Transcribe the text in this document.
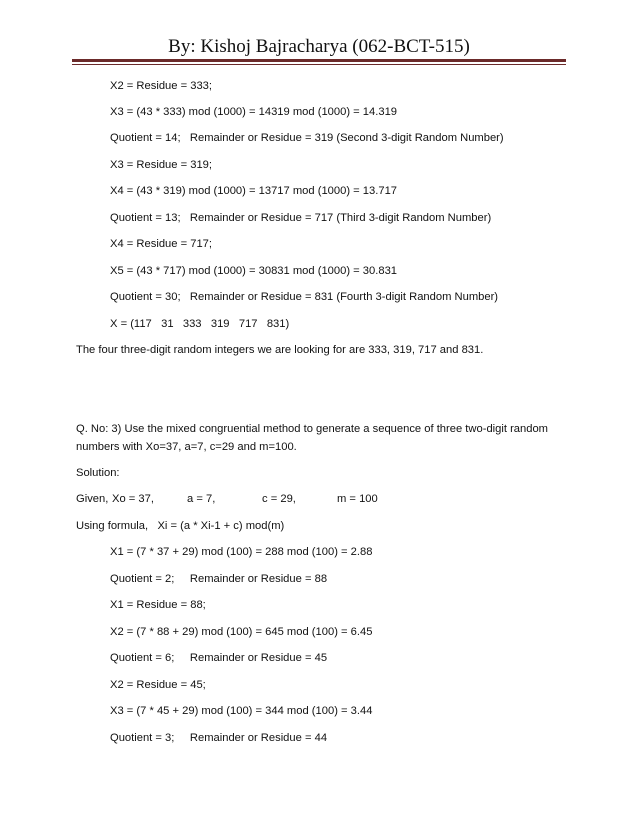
By: Kishoj Bajracharya (062-BCT-515)
X2 = Residue = 333;
X3 = (43 * 333) mod (1000) = 14319 mod (1000) = 14.319
Quotient = 14;   Remainder or Residue = 319 (Second 3-digit Random Number)
X3 = Residue = 319;
X4 = (43 * 319) mod (1000) = 13717 mod (1000) = 13.717
Quotient = 13;   Remainder or Residue = 717 (Third 3-digit Random Number)
X4 = Residue = 717;
X5 = (43 * 717) mod (1000) = 30831 mod (1000) = 30.831
Quotient = 30;   Remainder or Residue = 831 (Fourth 3-digit Random Number)
X = (117   31   333   319   717   831)
The four three-digit random integers we are looking for are 333, 319, 717 and 831.
Q. No: 3) Use the mixed congruential method to generate a sequence of three two-digit random
numbers with Xo=37, a=7, c=29 and m=100.
Solution:
Given, Xo = 37,	a = 7,	c = 29,	m = 100
Using formula,   Xi = (a * Xi-1 + c) mod(m)
X1 = (7 * 37 + 29) mod (100) = 288 mod (100) = 2.88
Quotient = 2;     Remainder or Residue = 88
X1 = Residue = 88;
X2 = (7 * 88 + 29) mod (100) = 645 mod (100) = 6.45
Quotient = 6;     Remainder or Residue = 45
X2 = Residue = 45;
X3 = (7 * 45 + 29) mod (100) = 344 mod (100) = 3.44
Quotient = 3;     Remainder or Residue = 44
